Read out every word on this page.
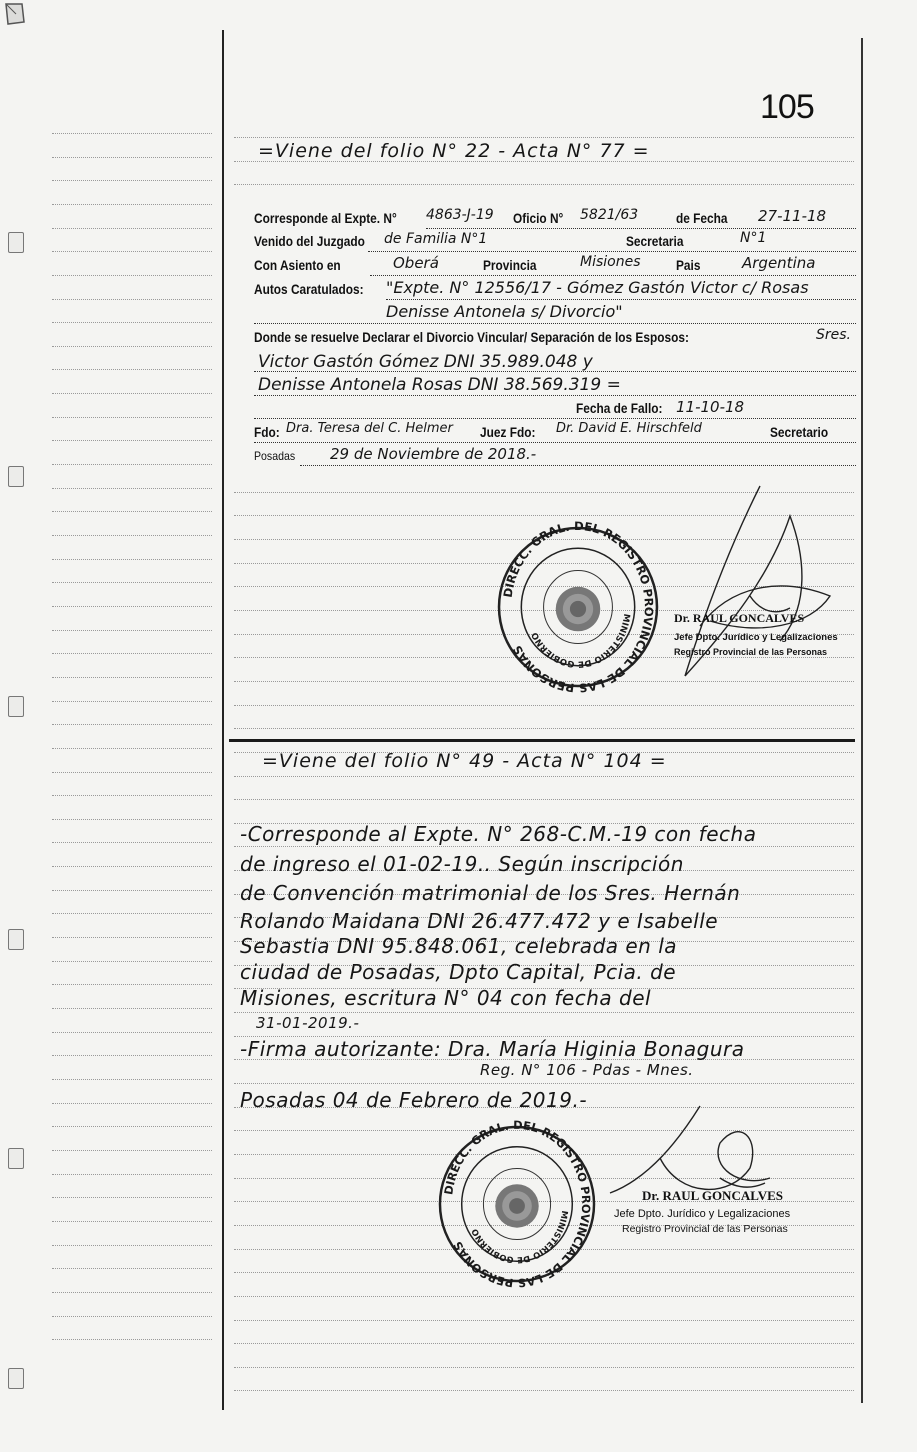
105
=Viene del folio N° 22 - Acta N° 77 =
Corresponde al Expte. N° 4863-J-19 Oficio N° 5821/63	de Fecha 27-11-18
Venido del Juzgado de Familia N°1	Secretaria	N°1
Con Asiento en	Oberá	Provincia	Misiones	Pais	Argentina
Autos Caratulados: "Expte. N° 12556/17 - Gómez Gastón Victor c/ Rosas Denisse Antonela s/ Divorcio"
Donde se resuelve Declarar el Divorcio Vincular/ Separación de los Esposos:	Sres.
Victor Gastón Gómez DNI 35.989.048 y
Denisse Antonela Rosas DNI 38.569.319 =
Fecha de Fallo: 11-10-18
Fdo: Dra. Teresa del C. Helmer Juez Fdo: Dr. David E. Hirschfeld	Secretario
Posadas 29 de Noviembre de 2018.-
DIRECC. GRAL. DEL REGISTRO PROVINCIAL DE LAS PERSONAS
MINISTERIO DE GOBIERNO
Dr. RAUL GONCALVES
Jefe Dpto. Jurídico y Legalizaciones
Registro Provincial de las Personas
=Viene del folio N° 49 - Acta N° 104 =
-Corresponde al Expte. N° 268-C.M.-19 con fecha
de ingreso el 01-02-19.. Según inscripción
de Convención matrimonial de los Sres. Hernán
Rolando Maidana DNI 26.477.472 y e Isabelle
Sebastia DNI 95.848.061, celebrada en la
ciudad de Posadas, Dpto Capital, Pcia. de
Misiones, escritura N° 04 con fecha del
31-01-2019.-
-Firma autorizante: Dra. María Higinia Bonagura
Reg. N° 106 - Pdas - Mnes.
Posadas 04 de Febrero de 2019.-
DIRECC. GRAL. DEL REGISTRO PROVINCIAL DE LAS PERSONAS
MINISTERIO DE GOBIERNO
Dr. RAUL GONCALVES
Jefe Dpto. Jurídico y Legalizaciones
Registro Provincial de las Personas
